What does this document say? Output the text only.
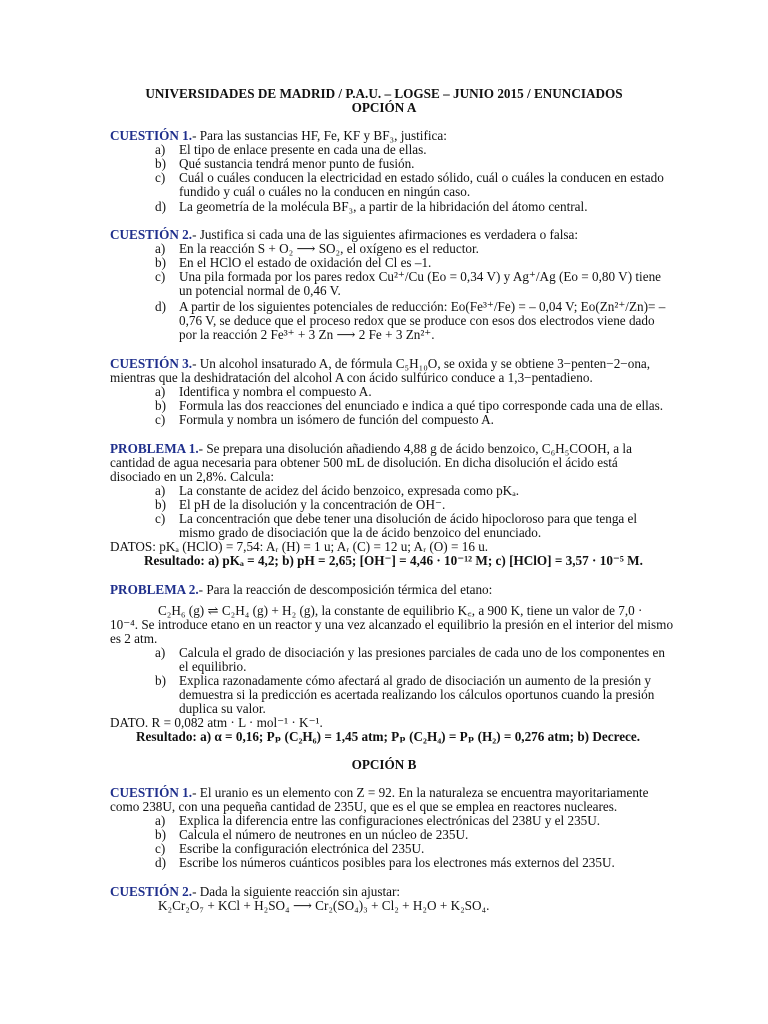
UNIVERSIDADES DE MADRID / P.A.U. – LOGSE – JUNIO 2015 / ENUNCIADOS
OPCIÓN A
CUESTIÓN 1.- Para las sustancias HF, Fe, KF y BF₃, justifica:
a) El tipo de enlace presente en cada una de ellas.
b) Qué sustancia tendrá menor punto de fusión.
c) Cuál o cuáles conducen la electricidad en estado sólido, cuál o cuáles la conducen en estado
fundido y cuál o cuáles no la conducen en ningún caso.
d) La geometría de la molécula BF₃, a partir de la hibridación del átomo central.
CUESTIÓN 2.- Justifica si cada una de las siguientes afirmaciones es verdadera o falsa:
a) En la reacción S + O₂ ⟶ SO₂, el oxígeno es el reductor.
b) En el HClO el estado de oxidación del Cl es –1.
c) Una pila formada por los pares redox Cu²⁺/Cu (Eo = 0,34 V) y Ag⁺/Ag (Eo = 0,80 V) tiene
un potencial normal de 0,46 V.
d) A partir de los siguientes potenciales de reducción: Eo(Fe³⁺/Fe) = – 0,04 V; Eo(Zn²⁺/Zn)= –
0,76 V, se deduce que el proceso redox que se produce con esos dos electrodos viene dado
por la reacción 2 Fe³⁺ + 3 Zn ⟶ 2 Fe + 3 Zn²⁺.
CUESTIÓN 3.- Un alcohol insaturado A, de fórmula C₅H₁₀O, se oxida y se obtiene 3−penten−2−ona,
mientras que la deshidratación del alcohol A con ácido sulfúrico conduce a 1,3−pentadieno.
a) Identifica y nombra el compuesto A.
b) Formula las dos reacciones del enunciado e indica a qué tipo corresponde cada una de ellas.
c) Formula y nombra un isómero de función del compuesto A.
PROBLEMA 1.- Se prepara una disolución añadiendo 4,88 g de ácido benzoico, C₆H₅COOH, a la
cantidad de agua necesaria para obtener 500 mL de disolución. En dicha disolución el ácido está
disociado en un 2,8%. Calcula:
a) La constante de acidez del ácido benzoico, expresada como pKₐ.
b) El pH de la disolución y la concentración de OH⁻.
c) La concentración que debe tener una disolución de ácido hipocloroso para que tenga el
mismo grado de disociación que la de ácido benzoico del enunciado.
DATOS: pKₐ (HClO) = 7,54: Aᵣ (H) = 1 u; Aᵣ (C) = 12 u; Aᵣ (O) = 16 u.
Resultado: a) pKₐ = 4,2; b) pH = 2,65; [OH⁻] = 4,46 · 10⁻¹² M; c) [HClO] = 3,57 · 10⁻⁵ M.
PROBLEMA 2.- Para la reacción de descomposición térmica del etano:
C₂H₆ (g) ⇌ C₂H₄ (g) + H₂ (g), la constante de equilibrio K꜀, a 900 K, tiene un valor de 7,0 ·
10⁻⁴. Se introduce etano en un reactor y una vez alcanzado el equilibrio la presión en el interior del mismo
es 2 atm.
a) Calcula el grado de disociación y las presiones parciales de cada uno de los componentes en
el equilibrio.
b) Explica razonadamente cómo afectará al grado de disociación un aumento de la presión y
demuestra si la predicción es acertada realizando los cálculos oportunos cuando la presión
duplica su valor.
DATO. R = 0,082 atm · L · mol⁻¹ · K⁻¹.
Resultado: a) α = 0,16; Pₚ (C₂H₆) = 1,45 atm; Pₚ (C₂H₄) = Pₚ (H₂) = 0,276 atm; b) Decrece.
OPCIÓN B
CUESTIÓN 1.- El uranio es un elemento con Z = 92. En la naturaleza se encuentra mayoritariamente
como 238U, con una pequeña cantidad de 235U, que es el que se emplea en reactores nucleares.
a) Explica la diferencia entre las configuraciones electrónicas del 238U y el 235U.
b) Calcula el número de neutrones en un núcleo de 235U.
c) Escribe la configuración electrónica del 235U.
d) Escribe los números cuánticos posibles para los electrones más externos del 235U.
CUESTIÓN 2.- Dada la siguiente reacción sin ajustar:
K₂Cr₂O₇ + KCl + H₂SO₄ ⟶ Cr₂(SO₄)₃ + Cl₂ + H₂O + K₂SO₄.
